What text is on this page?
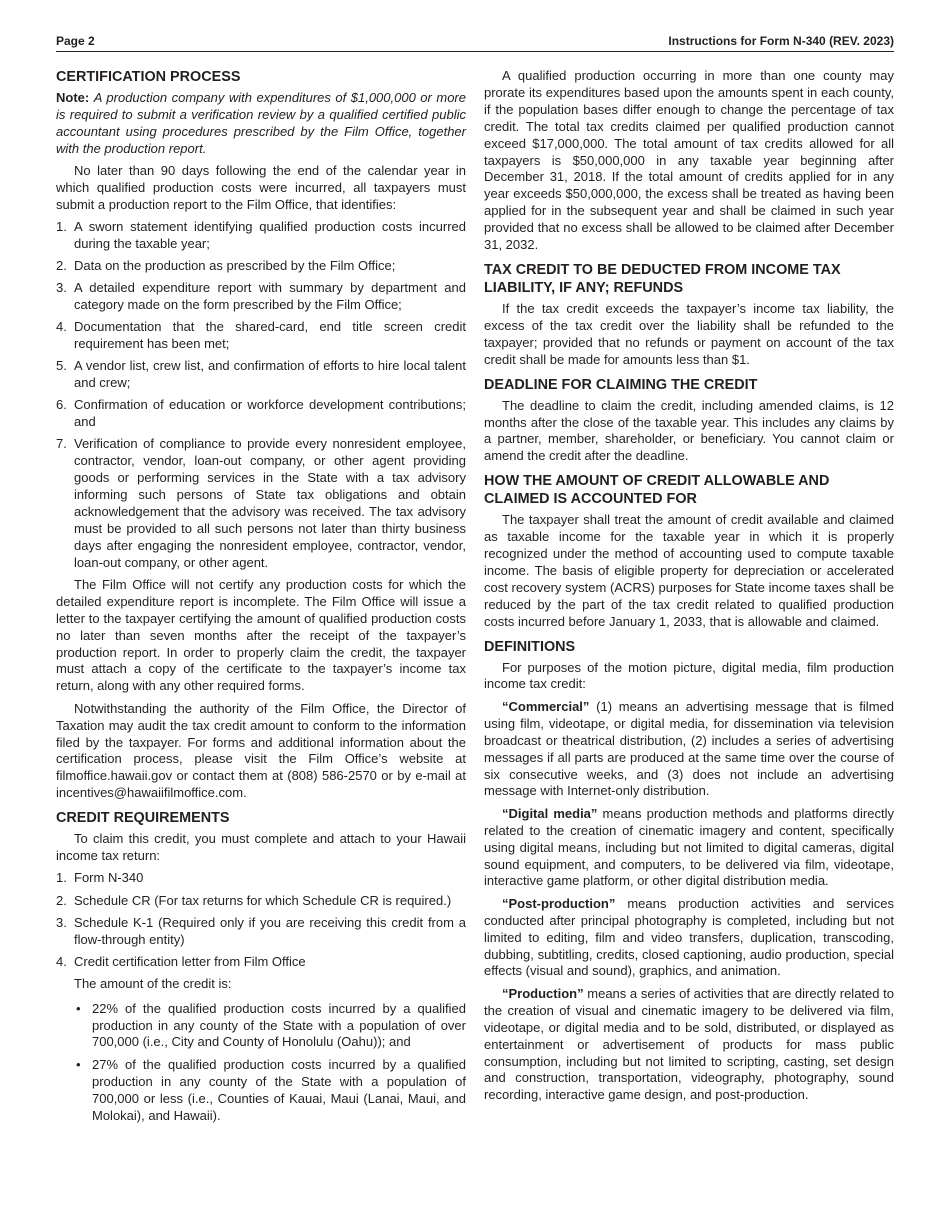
Page 2	Instructions for Form N-340 (REV. 2023)
CERTIFICATION PROCESS

Note: A production company with expenditures of $1,000,000 or more is required to submit a verification review by a qualified certified public accountant using procedures prescribed by the Film Office, together with the production report.

No later than 90 days following the end of the calendar year in which qualified production costs were incurred, all taxpayers must submit a production report to the Film Office, that identifies:

1. A sworn statement identifying qualified production costs incurred during the taxable year;
2. Data on the production as prescribed by the Film Office;
3. A detailed expenditure report with summary by department and category made on the form prescribed by the Film Office;
4. Documentation that the shared-card, end title screen credit requirement has been met;
5. A vendor list, crew list, and confirmation of efforts to hire local talent and crew;
6. Confirmation of education or workforce development contributions; and
7. Verification of compliance to provide every nonresident employee, contractor, vendor, loan-out company, or other agent providing goods or performing services in the State with a tax advisory informing such persons of State tax obligations and obtain acknowledgement that the advisory was received. The tax advisory must be provided to all such persons not later than thirty business days after engaging the nonresident employee, contractor, vendor, loan-out company, or other agent.

The Film Office will not certify any production costs for which the detailed expenditure report is incomplete. The Film Office will issue a letter to the taxpayer certifying the amount of qualified production costs no later than seven months after the receipt of the taxpayer’s production report. In order to properly claim the credit, the taxpayer must attach a copy of the certificate to the taxpayer’s income tax return, along with any other required forms.

Notwithstanding the authority of the Film Office, the Director of Taxation may audit the tax credit amount to conform to the information filed by the taxpayer. For forms and additional information about the certification process, please visit the Film Office’s website at filmoffice.hawaii.gov or contact them at (808) 586-2570 or by e-mail at incentives@hawaiifilmoffice.com.

CREDIT REQUIREMENTS

To claim this credit, you must complete and attach to your Hawaii income tax return:

1. Form N-340
2. Schedule CR (For tax returns for which Schedule CR is required.)
3. Schedule K-1 (Required only if you are receiving this credit from a flow-through entity)
4. Credit certification letter from Film Office

The amount of the credit is:

• 22% of the qualified production costs incurred by a qualified production in any county of the State with a population of over 700,000 (i.e., City and County of Honolulu (Oahu)); and
• 27% of the qualified production costs incurred by a qualified production in any county of the State with a population of 700,000 or less (i.e., Counties of Kauai, Maui (Lanai, Maui, and Molokai), and Hawaii).

A qualified production occurring in more than one county may prorate its expenditures based upon the amounts spent in each county, if the population bases differ enough to change the percentage of tax credit. The total tax credits claimed per qualified production cannot exceed $17,000,000. The total amount of tax credits allowed for all taxpayers is $50,000,000 in any taxable year beginning after December 31, 2018. If the total amount of credits applied for in any year exceeds $50,000,000, the excess shall be treated as having been applied for in the subsequent year and shall be claimed in such year provided that no excess shall be allowed to be claimed after December 31, 2032.

TAX CREDIT TO BE DEDUCTED FROM INCOME TAX LIABILITY, IF ANY; REFUNDS

If the tax credit exceeds the taxpayer’s income tax liability, the excess of the tax credit over the liability shall be refunded to the taxpayer; provided that no refunds or payment on account of the tax credit shall be made for amounts less than $1.

DEADLINE FOR CLAIMING THE CREDIT

The deadline to claim the credit, including amended claims, is 12 months after the close of the taxable year. This includes any claims by a partner, member, shareholder, or beneficiary. You cannot claim or amend the credit after the deadline.

HOW THE AMOUNT OF CREDIT ALLOWABLE AND CLAIMED IS ACCOUNTED FOR

The taxpayer shall treat the amount of credit available and claimed as taxable income for the taxable year in which it is properly recognized under the method of accounting used to compute taxable income. The basis of eligible property for depreciation or accelerated cost recovery system (ACRS) purposes for State income taxes shall be reduced by the part of the tax credit related to qualified production costs incurred before January 1, 2033, that is allowable and claimed.

DEFINITIONS

For purposes of the motion picture, digital media, film production income tax credit:

“Commercial” (1) means an advertising message that is filmed using film, videotape, or digital media, for dissemination via television broadcast or theatrical distribution, (2) includes a series of advertising messages if all parts are produced at the same time over the course of six consecutive weeks, and (3) does not include an advertising message with Internet-only distribution.

“Digital media” means production methods and platforms directly related to the creation of cinematic imagery and content, specifically using digital means, including but not limited to digital cameras, digital sound equipment, and computers, to be delivered via film, videotape, interactive game platform, or other digital distribution media.

“Post-production” means production activities and services conducted after principal photography is completed, including but not limited to editing, film and video transfers, duplication, transcoding, dubbing, subtitling, credits, closed captioning, audio production, special effects (visual and sound), graphics, and animation.

“Production” means a series of activities that are directly related to the creation of visual and cinematic imagery to be delivered via film, videotape, or digital media and to be sold, distributed, or displayed as entertainment or advertisement of products for mass public consumption, including but not limited to scripting, casting, set design and construction, transportation, videography, photography, sound recording, interactive game design, and post-production.
